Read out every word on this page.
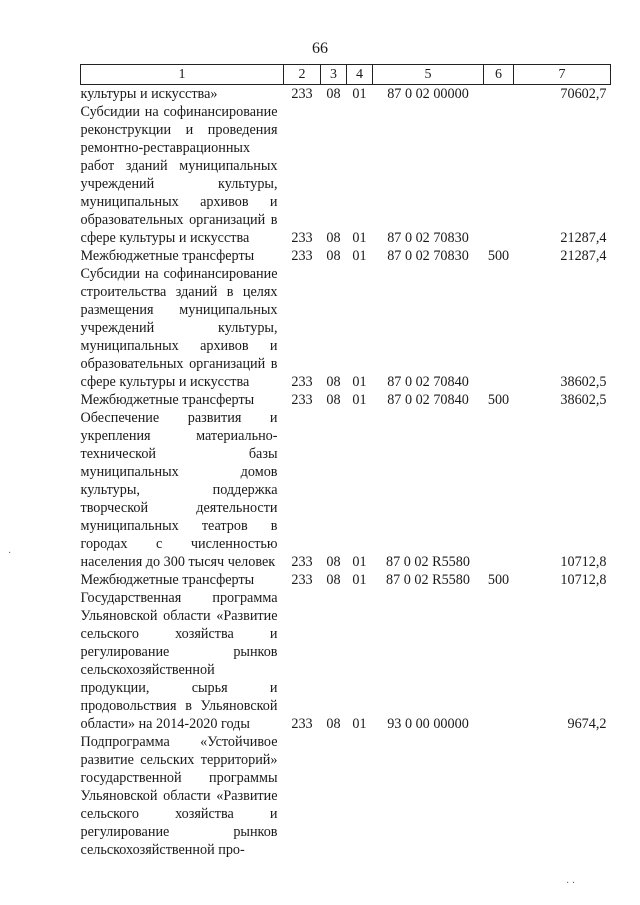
66
1	2	3	4	5	6	7
культуры и искусства»	233	08	01	87 0 02 00000		70602,7
Субсидии на софинансирование реконструкции и проведения ремонтно-реставрационных работ зданий муниципальных учреждений культуры, муниципальных архивов и образовательных организаций в сфере культуры и искусства	233	08	01	87 0 02 70830		21287,4
Межбюджетные трансферты	233	08	01	87 0 02 70830	500	21287,4
Субсидии на софинансирование строительства зданий в целях размещения муниципальных учреждений культуры, муниципальных архивов и образовательных организаций в сфере культуры и искусства	233	08	01	87 0 02 70840		38602,5
Межбюджетные трансферты	233	08	01	87 0 02 70840	500	38602,5
Обеспечение развития и укрепления материально-технической базы муниципальных домов культуры, поддержка творческой деятельности муниципальных театров в городах с численностью населения до 300 тысяч человек	233	08	01	87 0 02 R5580		10712,8
Межбюджетные трансферты	233	08	01	87 0 02 R5580	500	10712,8
Государственная программа Ульяновской области «Развитие сельского хозяйства и регулирование рынков сельскохозяйственной продукции, сырья и продовольствия в Ульяновской области» на 2014-2020 годы	233	08	01	93 0 00 00000		9674,2
Подпрограмма «Устойчивое развитие сельских территорий» государственной программы Ульяновской области «Развитие сельского хозяйства и регулирование рынков сельскохозяйственной про-						
·
· ·
